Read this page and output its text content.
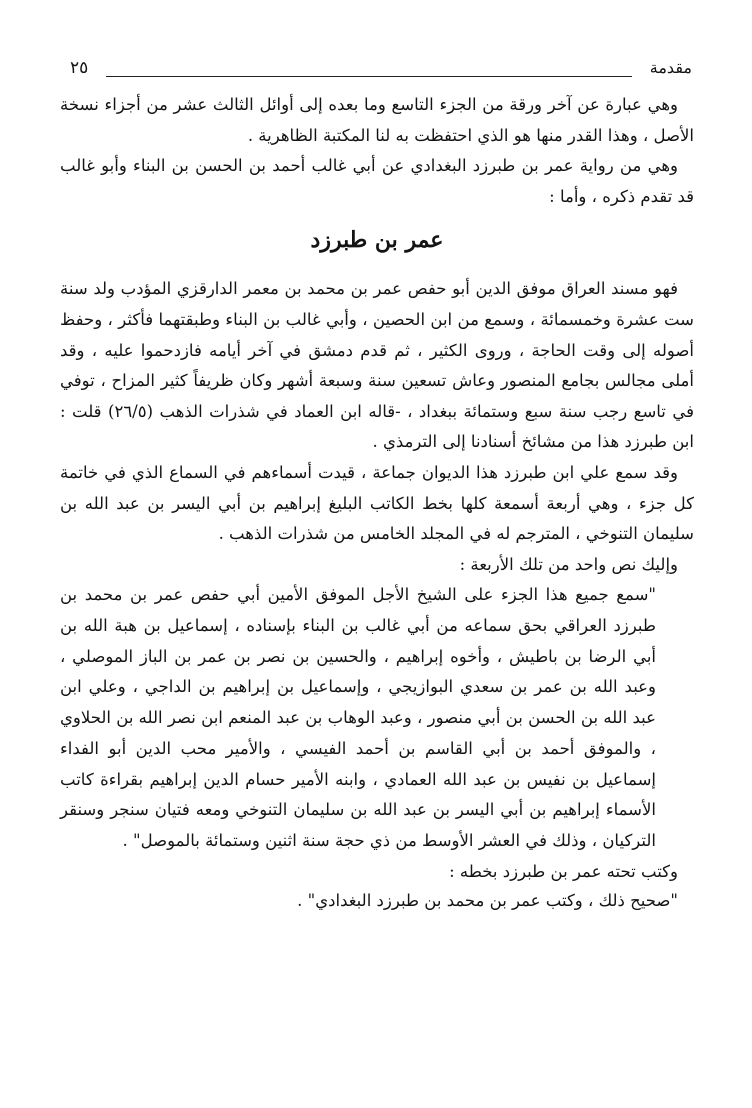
٢٥	مقدمة

وهي عبارة عن آخر ورقة من الجزء التاسع وما بعده إلى أوائل الثالث عشر من أجزاء نسخة الأصل ، وهذا القدر منها هو الذي احتفظت به لنا المكتبة الظاهرية .

وهي من رواية عمر بن طبرزد البغدادي عن أبي غالب أحمد بن الحسن بن البناء وأبو غالب قد تقدم ذكره ، وأما :

عمر بن طبرزد

فهو مسند العراق موفق الدين أبو حفص عمر بن محمد بن معمر الدارقزي المؤدب ولد سنة ست عشرة وخمسمائة ، وسمع من ابن الحصين ، وأبي غالب بن البناء وطبقتهما فأكثر ، وحفظ أصوله إلى وقت الحاجة ، وروى الكثير ، ثم قدم دمشق في آخر أيامه فازدحموا عليه ، وقد أملى مجالس بجامع المنصور وعاش تسعين سنة وسبعة أشهر وكان ظريفاً كثير المزاح ، توفي في تاسع رجب سنة سبع وستمائة ببغداد ، -قاله ابن العماد في شذرات الذهب (٢٦/٥) قلت : ابن طبرزد هذا من مشائخ أسنادنا إلى الترمذي .

وقد سمع علي ابن طبرزد هذا الديوان جماعة ، قيدت أسماءهم في السماع الذي في خاتمة كل جزء ، وهي أربعة أسمعة كلها بخط الكاتب البليغ إبراهيم بن أبي اليسر بن عبد الله بن سليمان التنوخي ، المترجم له في المجلد الخامس من شذرات الذهب .

وإليك نص واحد من تلك الأربعة :

"سمع جميع هذا الجزء على الشيخ الأجل الموفق الأمين أبي حفص عمر بن محمد بن طبرزد العراقي بحق سماعه من أبي غالب بن البناء بإسناده ، إسماعيل بن هبة الله بن أبي الرضا بن باطيش ، وأخوه إبراهيم ، والحسين بن نصر بن عمر بن الباز الموصلي ، وعبد الله بن عمر بن سعدي البوازيجي ، وإسماعيل بن إبراهيم بن الداجي ، وعلي ابن عبد الله بن الحسن بن أبي منصور ، وعبد الوهاب بن عبد المنعم ابن نصر الله بن الحلاوي ، والموفق أحمد بن أبي القاسم بن أحمد الفيسي ، والأمير محب الدين أبو الفداء إسماعيل بن نفيس بن عبد الله العمادي ، وابنه الأمير حسام الدين إبراهيم بقراءة كاتب الأسماء إبراهيم بن أبي اليسر بن عبد الله بن سليمان التنوخي ومعه فتيان سنجر وسنقر التركيان ، وذلك في العشر الأوسط من ذي حجة سنة اثنين وستمائة بالموصل" .

وكتب تحته عمر بن طبرزد بخطه :

"صحيح ذلك ، وكتب عمر بن محمد بن طبرزد البغدادي" .
